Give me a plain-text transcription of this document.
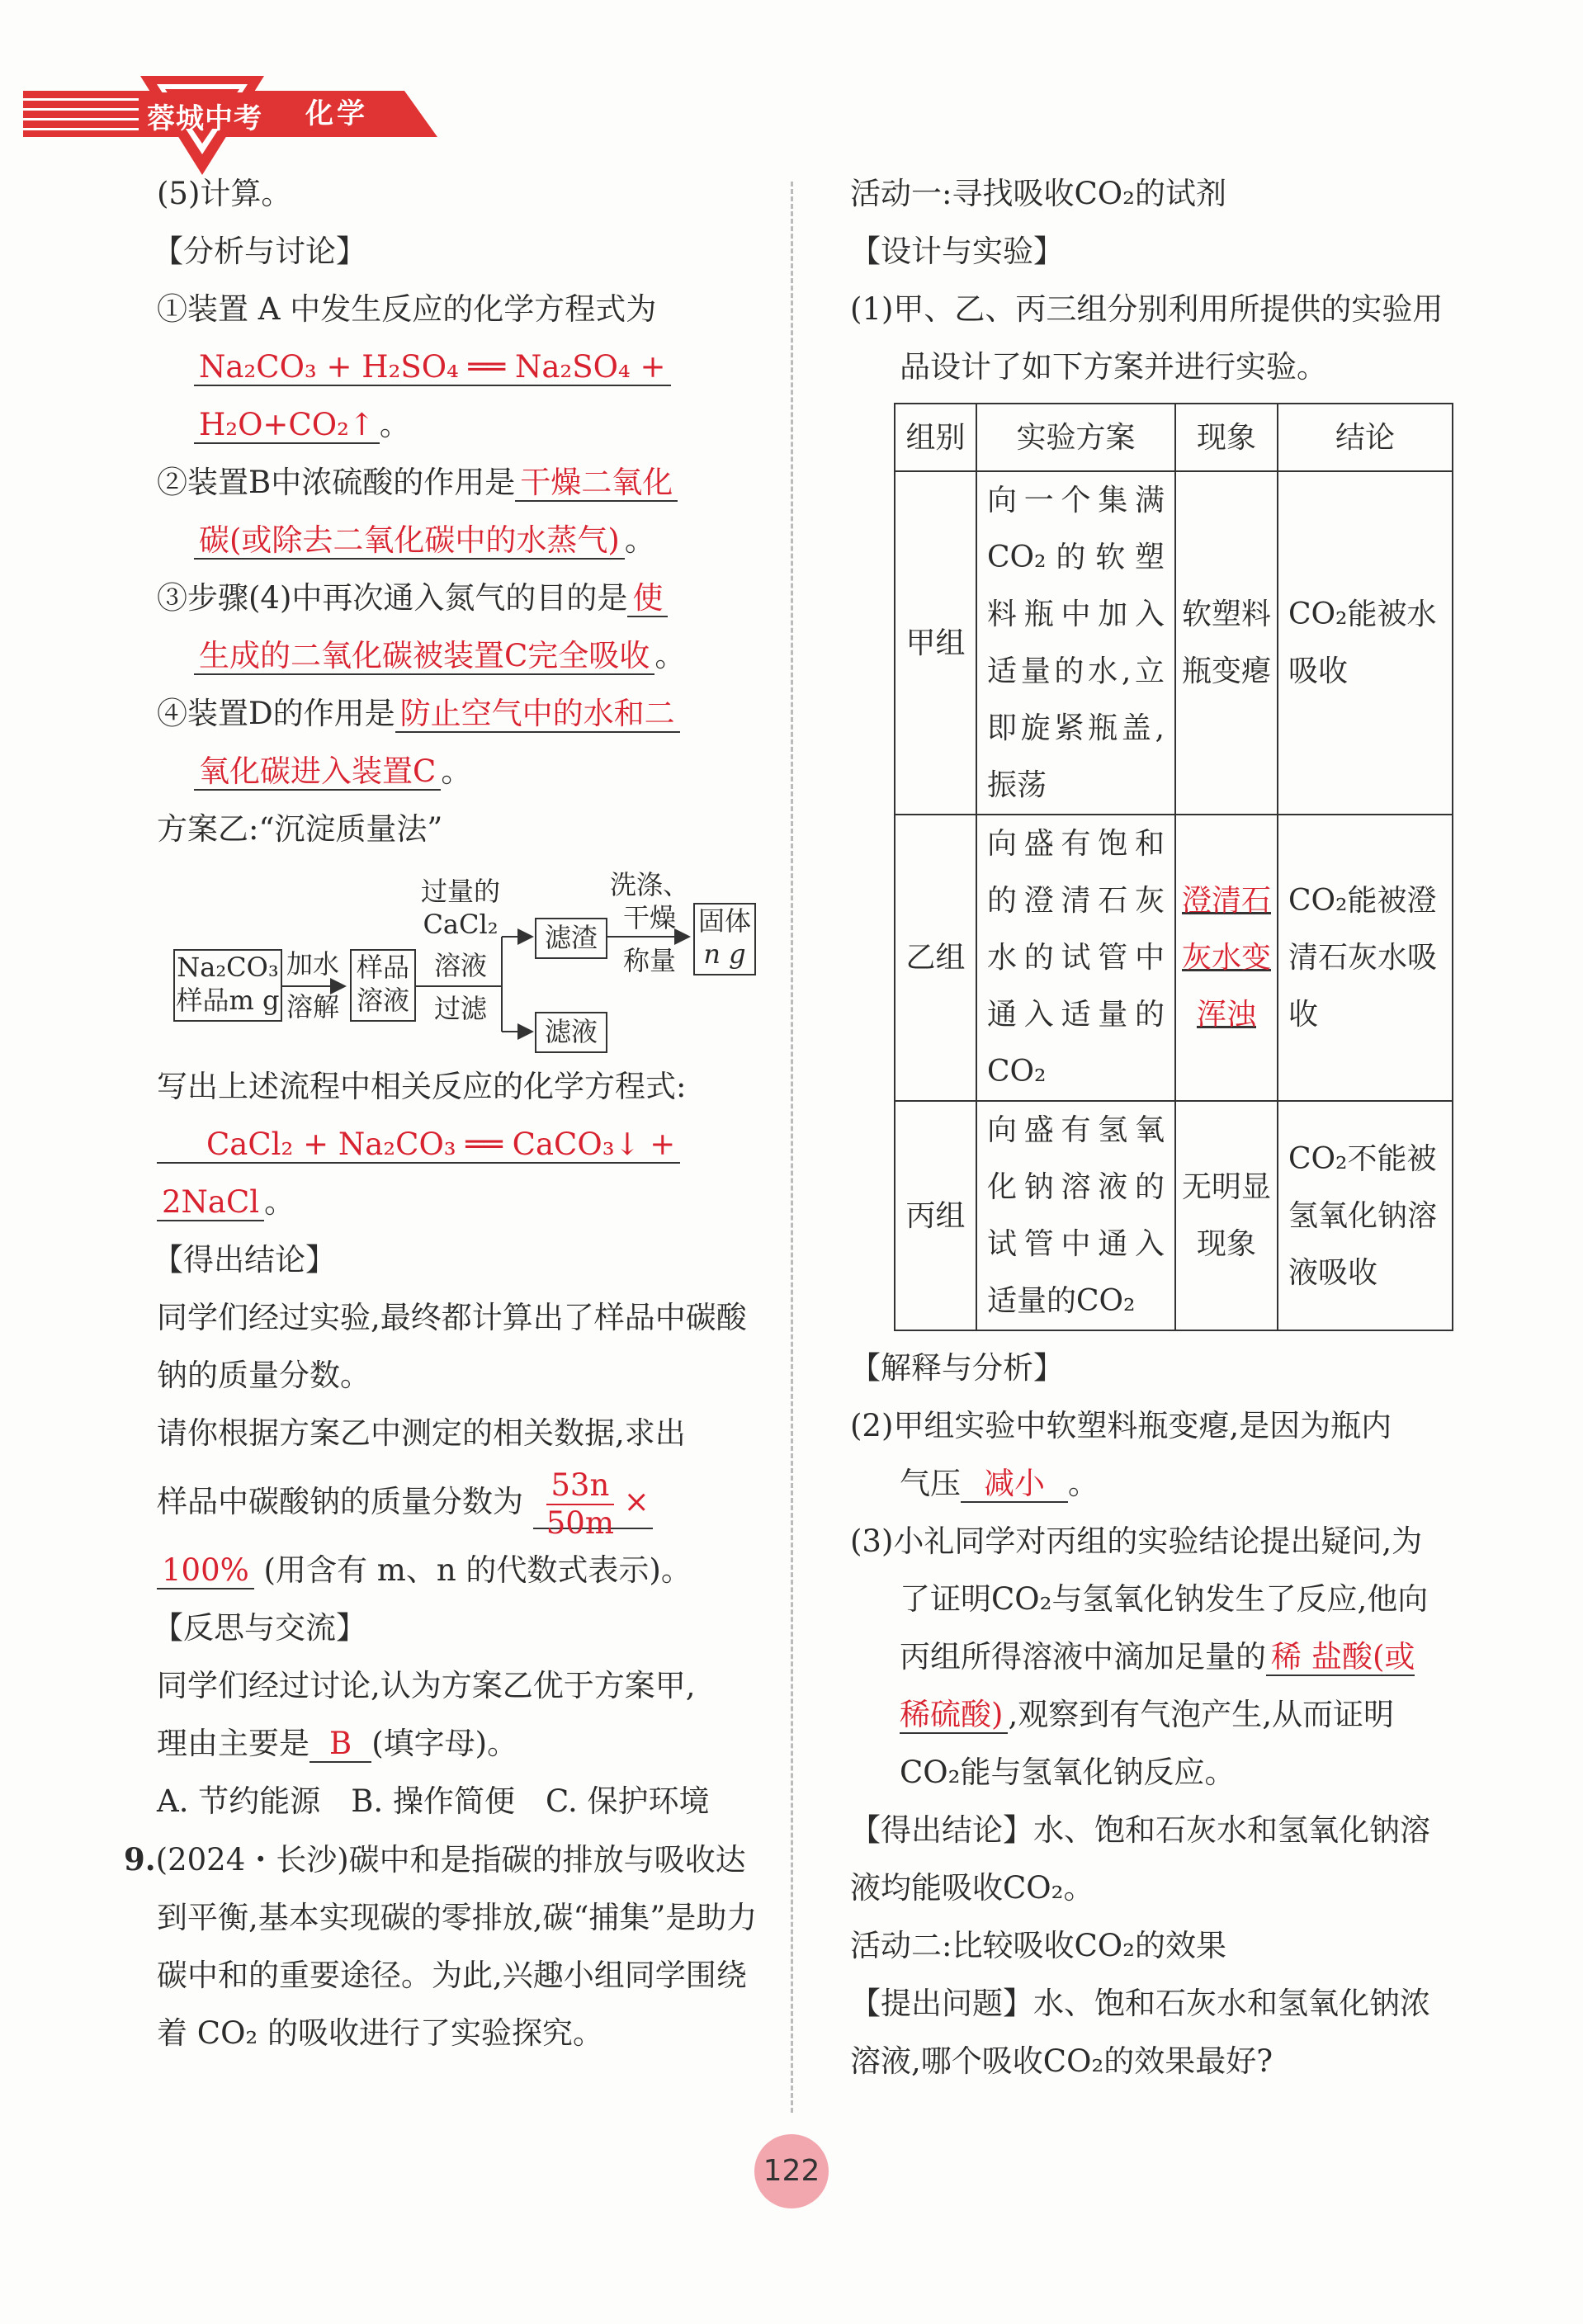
化学
蓉城中考

(5)计算。

【分析与讨论】

①装置 A 中发生反应的化学方程式为

Na₂CO₃ + H₂SO₄ ══ Na₂SO₄ +

H₂O+CO₂↑ 。

②装置B中浓硫酸的作用是 干燥二氧化

碳(或除去二氧化碳中的水蒸气) 。

③步骤(4)中再次通入氮气的目的是 使

生成的二氧化碳被装置C完全吸收 。

④装置D的作用是 防止空气中的水和二

氧化碳进入装置C 。

方案乙:“沉淀质量法”

Na₂CO₃
样品m g
加水
溶解
样品
溶液
过量的
CaCl₂
溶液
过滤
滤渣
滤液
洗涤、
干燥
称量
固体
n g

写出上述流程中相关反应的化学方程式:

CaCl₂ + Na₂CO₃ ══ CaCO₃↓ +

2NaCl 。

【得出结论】

同学们经过实验,最终都计算出了样品中碳酸钠的质量分数。

请你根据方案乙中测定的相关数据,求出

样品中碳酸钠的质量分数为 $\frac{53n}{50m}$ ×

100% (用含有 m、n 的代数式表示)。

【反思与交流】

同学们经过讨论,认为方案乙优于方案甲,

理由主要是 B (填字母)。

A. 节约能源　B. 操作简便　C. 保护环境

9.(2024・长沙)碳中和是指碳的排放与吸收达到平衡,基本实现碳的零排放,碳“捕集”是助力碳中和的重要途径。为此,兴趣小组同学围绕着 CO₂ 的吸收进行了实验探究。

活动一:寻找吸收CO₂的试剂

【设计与实验】

(1)甲、乙、丙三组分别利用所提供的实验用品设计了如下方案并进行实验。

组别	实验方案	现象	结论
甲组	向一个集满CO₂的软塑料瓶中加入适量的水,立即旋紧瓶盖,振荡	软塑料瓶变瘪	CO₂能被水吸收
乙组	向盛有饱和的澄清石灰水的试管中通入适量的CO₂	澄清石灰水变浑浊	CO₂能被澄清石灰水吸收
丙组	向盛有氢氧化钠溶液的试管中通入适量的CO₂	无明显现象	CO₂不能被氢氧化钠溶液吸收

【解释与分析】

(2)甲组实验中软塑料瓶变瘪,是因为瓶内

气压 减小 。

(3)小礼同学对丙组的实验结论提出疑问,为了证明CO₂与氢氧化钠发生了反应,他向丙组所得溶液中滴加足量的 稀 盐酸(或稀硫酸) ,观察到有气泡产生,从而证明CO₂能与氢氧化钠反应。

【得出结论】水、饱和石灰水和氢氧化钠溶液均能吸收CO₂。

活动二:比较吸收CO₂的效果

【提出问题】水、饱和石灰水和氢氧化钠浓溶液,哪个吸收CO₂的效果最好?

122
